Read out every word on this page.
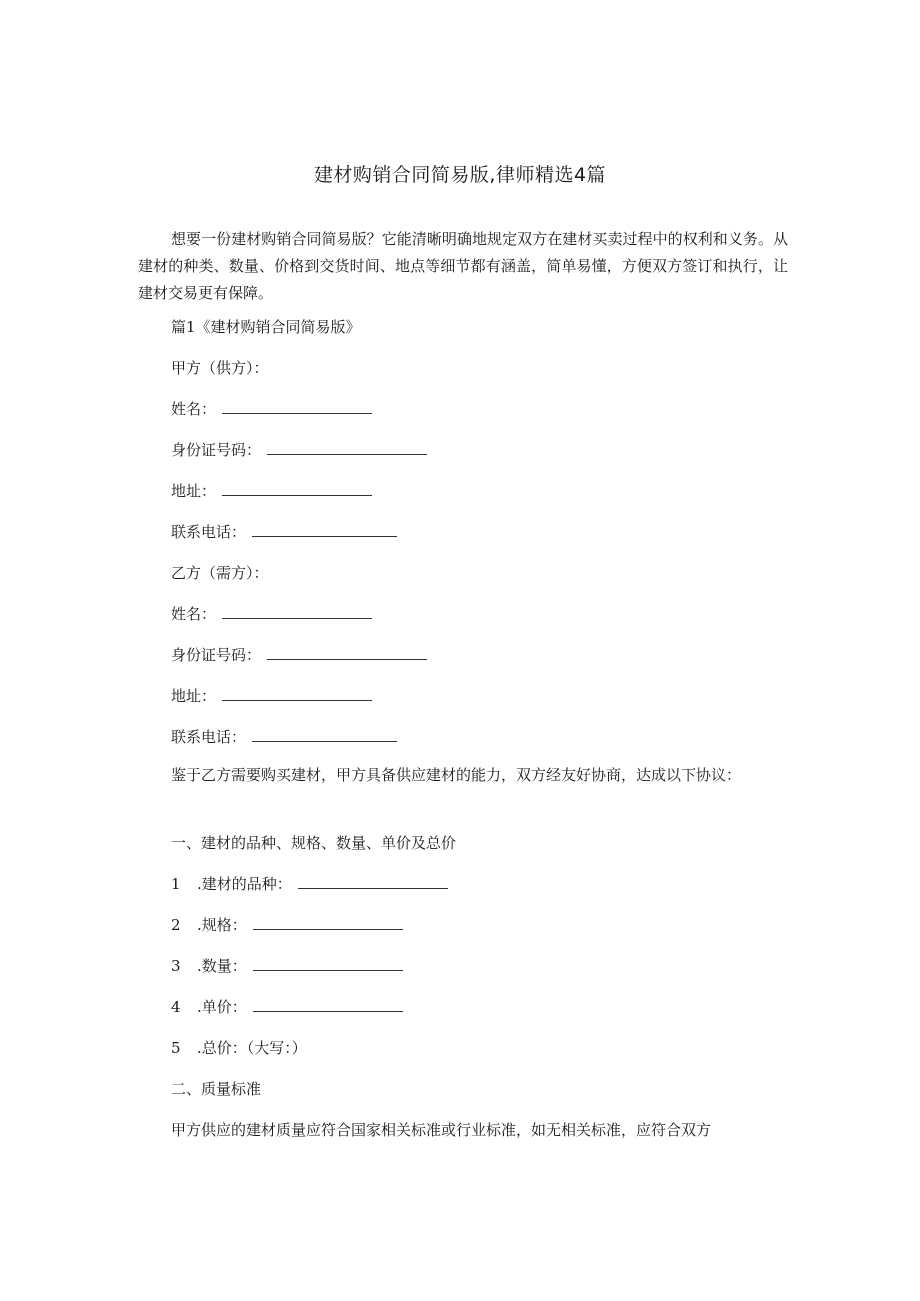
建材购销合同简易版,律师精选4篇
想要一份建材购销合同简易版？它能清晰明确地规定双方在建材买卖过程中的权利和义务。从建材的种类、数量、价格到交货时间、地点等细节都有涵盖，简单易懂，方便双方签订和执行，让建材交易更有保障。
篇1《建材购销合同简易版》
甲方（供方）：
姓名：
身份证号码：
地址：
联系电话：
乙方（需方）：
姓名：
身份证号码：
地址：
联系电话：
鉴于乙方需要购买建材，甲方具备供应建材的能力，双方经友好协商，达成以下协议：
一、建材的品种、规格、数量、单价及总价
1 .建材的品种：
2 .规格：
3 .数量：
4 .单价：
5 .总价：（大写：）
二、质量标准
甲方供应的建材质量应符合国家相关标准或行业标准，如无相关标准，应符合双方
